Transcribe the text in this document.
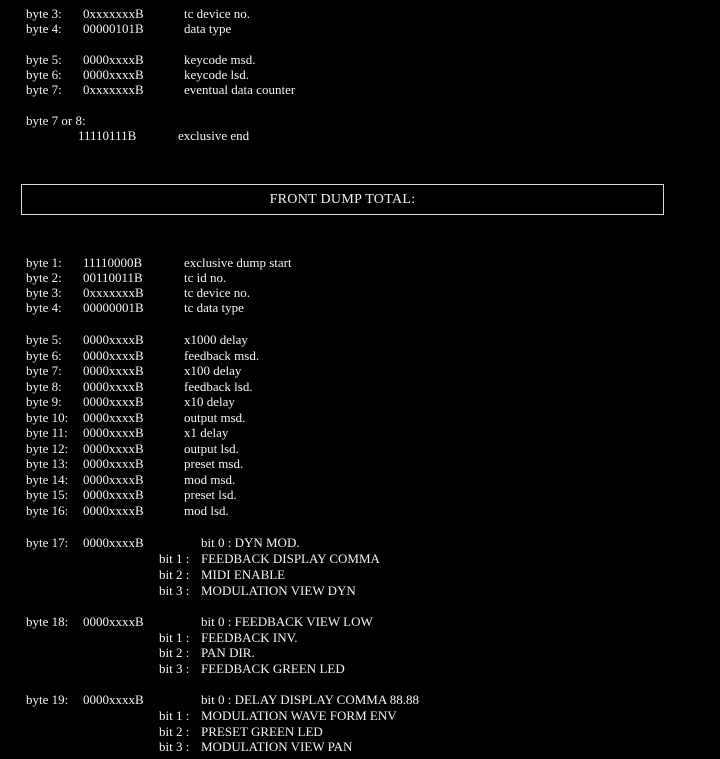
byte 3: 0xxxxxxxB	tc device no.
byte 4: 00000101B	data type
byte 5: 0000xxxxB	keycode msd.
byte 6: 0000xxxxB	keycode lsd.
byte 7: 0xxxxxxxB	eventual data counter
byte 7 or 8:
11110111B	exclusive end
FRONT DUMP TOTAL:
byte 1: 11110000B	exclusive dump start
byte 2: 00110011B	tc id no.
byte 3: 0xxxxxxxB	tc device no.
byte 4: 00000001B	tc data type
byte 5: 0000xxxxB	x1000 delay
byte 6: 0000xxxxB	feedback msd.
byte 7: 0000xxxxB	x100 delay
byte 8: 0000xxxxB	feedback lsd.
byte 9: 0000xxxxB	x10 delay
byte 10: 0000xxxxB	output msd.
byte 11: 0000xxxxB	x1 delay
byte 12: 0000xxxxB	output lsd.
byte 13: 0000xxxxB	preset msd.
byte 14: 0000xxxxB	mod msd.
byte 15: 0000xxxxB	preset lsd.
byte 16: 0000xxxxB	mod lsd.
byte 17: 0000xxxxB	bit 0 : DYN MOD.
bit 1 : FEEDBACK DISPLAY COMMA
bit 2 : MIDI ENABLE
bit 3 : MODULATION VIEW DYN
byte 18: 0000xxxxB	bit 0 : FEEDBACK VIEW LOW
bit 1 : FEEDBACK INV.
bit 2 : PAN DIR.
bit 3 : FEEDBACK GREEN LED
byte 19: 0000xxxxB	bit 0 : DELAY DISPLAY COMMA 88.88
bit 1 : MODULATION WAVE FORM ENV
bit 2 : PRESET GREEN LED
bit 3 : MODULATION VIEW PAN
